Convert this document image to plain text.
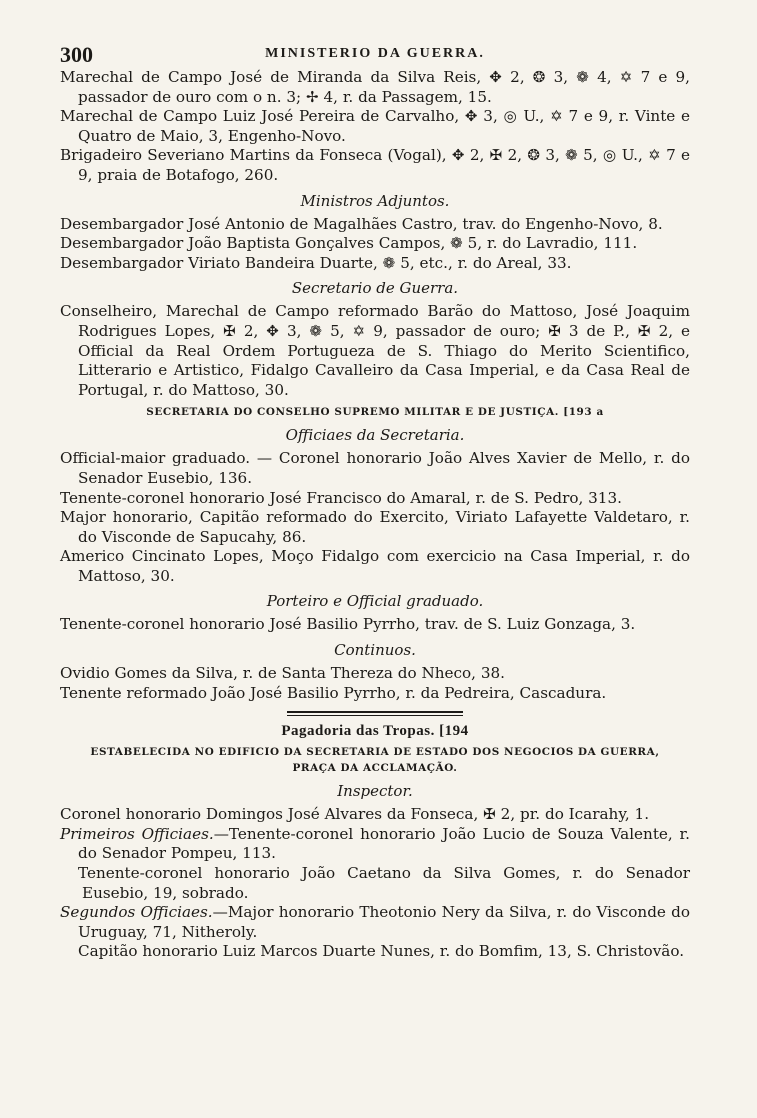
300	MINISTERIO DA GUERRA.

Marechal de Campo José de Miranda da Silva Reis, ✥ 2, ❂ 3, ❁ 4, ✡ 7 e 9, passador de ouro com o n. 3; ✢ 4, r. da Passagem, 15.

Marechal de Campo Luiz José Pereira de Carvalho, ✥ 3, ◎ U., ✡ 7 e 9, r. Vinte e Quatro de Maio, 3, Engenho-Novo.

Brigadeiro Severiano Martins da Fonseca (Vogal), ✥ 2, ✠ 2, ❂ 3, ❁ 5, ◎ U., ✡ 7 e 9, praia de Botafogo, 260.

Ministros Adjuntos.

Desembargador José Antonio de Magalhães Castro, trav. do Engenho-Novo, 8.

Desembargador João Baptista Gonçalves Campos, ❁ 5, r. do Lavradio, 111.

Desembargador Viriato Bandeira Duarte, ❁ 5, etc., r. do Areal, 33.

Secretario de Guerra.

Conselheiro, Marechal de Campo reformado Barão do Mattoso, José Joaquim Rodrigues Lopes, ✠ 2, ✥ 3, ❁ 5, ✡ 9, passador de ouro; ✠ 3 de P., ✠ 2, e Official da Real Ordem Portugueza de S. Thiago do Merito Scientifico, Litterario e Artistico, Fidalgo Cavalleiro da Casa Imperial, e da Casa Real de Portugal, r. do Mattoso, 30.

SECRETARIA DO CONSELHO SUPREMO MILITAR E DE JUSTIÇA. [193 a
Officiaes da Secretaria.

Official-maior graduado. — Coronel honorario João Alves Xavier de Mello, r. do Senador Eusebio, 136.

Tenente-coronel honorario José Francisco do Amaral, r. de S. Pedro, 313.

Major honorario, Capitão reformado do Exercito, Viriato Lafayette Valdetaro, r. do Visconde de Sapucahy, 86.

Americo Cincinato Lopes, Moço Fidalgo com exercicio na Casa Imperial, r. do Mattoso, 30.

Porteiro e Official graduado.

Tenente-coronel honorario José Basilio Pyrrho, trav. de S. Luiz Gonzaga, 3.

Continuos.

Ovidio Gomes da Silva, r. de Santa Thereza do Nheco, 38.

Tenente reformado João José Basilio Pyrrho, r. da Pedreira, Cascadura.

Pagadoria das Tropas. [194
ESTABELECIDA NO EDIFICIO DA SECRETARIA DE ESTADO DOS NEGOCIOS DA GUERRA,
PRAÇA DA ACCLAMAÇÃO.
Inspector.

Coronel honorario Domingos José Alvares da Fonseca, ✠ 2, pr. do Icarahy, 1.

Primeiros Officiaes.—Tenente-coronel honorario João Lucio de Souza Valente, r. do Senador Pompeu, 113.

Tenente-coronel honorario João Caetano da Silva Gomes, r. do Senador Eusebio, 19, sobrado.

Segundos Officiaes.—Major honorario Theotonio Nery da Silva, r. do Visconde do Uruguay, 71, Nitheroly.

Capitão honorario Luiz Marcos Duarte Nunes, r. do Bomfim, 13, S. Christovão.
